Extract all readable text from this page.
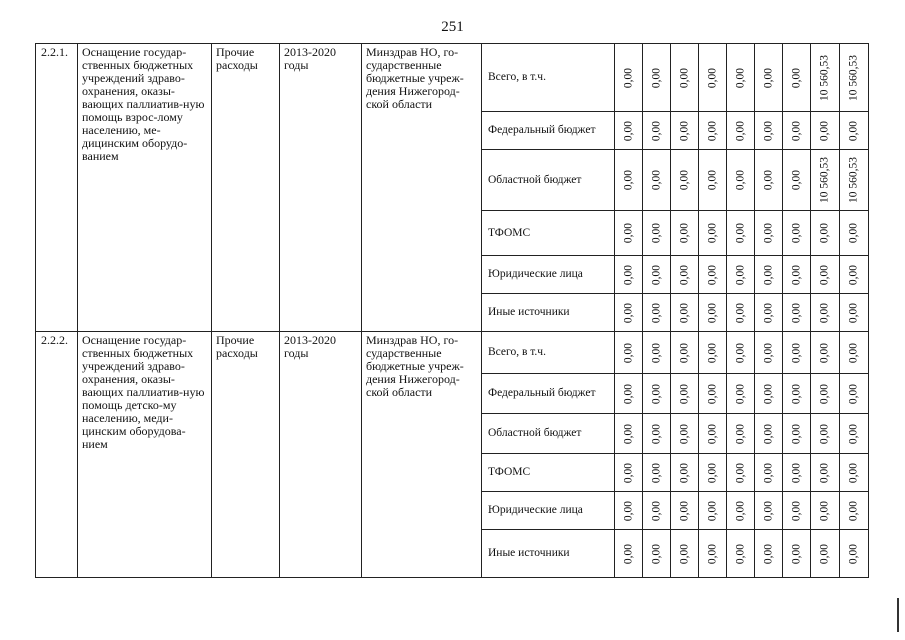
251
2.2.1.	Оснащение государ-ственных бюджетных учреждений здраво-охранения, оказы-вающих паллиатив-ную помощь взрос-лому населению, ме-дицинским оборудо-ванием	Прочие расходы	2013-2020 годы	Минздрав НО, го-сударственные бюджетные учреж-дения Нижегород-ской области	Всего, в т.ч.	0,00	0,00	0,00	0,00	0,00	0,00	0,00	10 560,53	10 560,53

					Федеральный бюджет	0,00	0,00	0,00	0,00	0,00	0,00	0,00	0,00	0,00

					Областной бюджет	0,00	0,00	0,00	0,00	0,00	0,00	0,00	10 560,53	10 560,53

					ТФОМС	0,00	0,00	0,00	0,00	0,00	0,00	0,00	0,00	0,00

					Юридические лица	0,00	0,00	0,00	0,00	0,00	0,00	0,00	0,00	0,00

					Иные источники	0,00	0,00	0,00	0,00	0,00	0,00	0,00	0,00	0,00

2.2.2.	Оснащение государ-ственных бюджетных учреждений здраво-охранения, оказы-вающих паллиатив-ную помощь детско-му населению, меди-цинским оборудова-нием	Прочие расходы	2013-2020 годы	Минздрав НО, го-сударственные бюджетные учреж-дения Нижегород-ской области	Всего, в т.ч.	0,00	0,00	0,00	0,00	0,00	0,00	0,00	0,00	0,00

					Федеральный бюджет	0,00	0,00	0,00	0,00	0,00	0,00	0,00	0,00	0,00

					Областной бюджет	0,00	0,00	0,00	0,00	0,00	0,00	0,00	0,00	0,00

					ТФОМС	0,00	0,00	0,00	0,00	0,00	0,00	0,00	0,00	0,00

					Юридические лица	0,00	0,00	0,00	0,00	0,00	0,00	0,00	0,00	0,00

					Иные источники	0,00	0,00	0,00	0,00	0,00	0,00	0,00	0,00	0,00
